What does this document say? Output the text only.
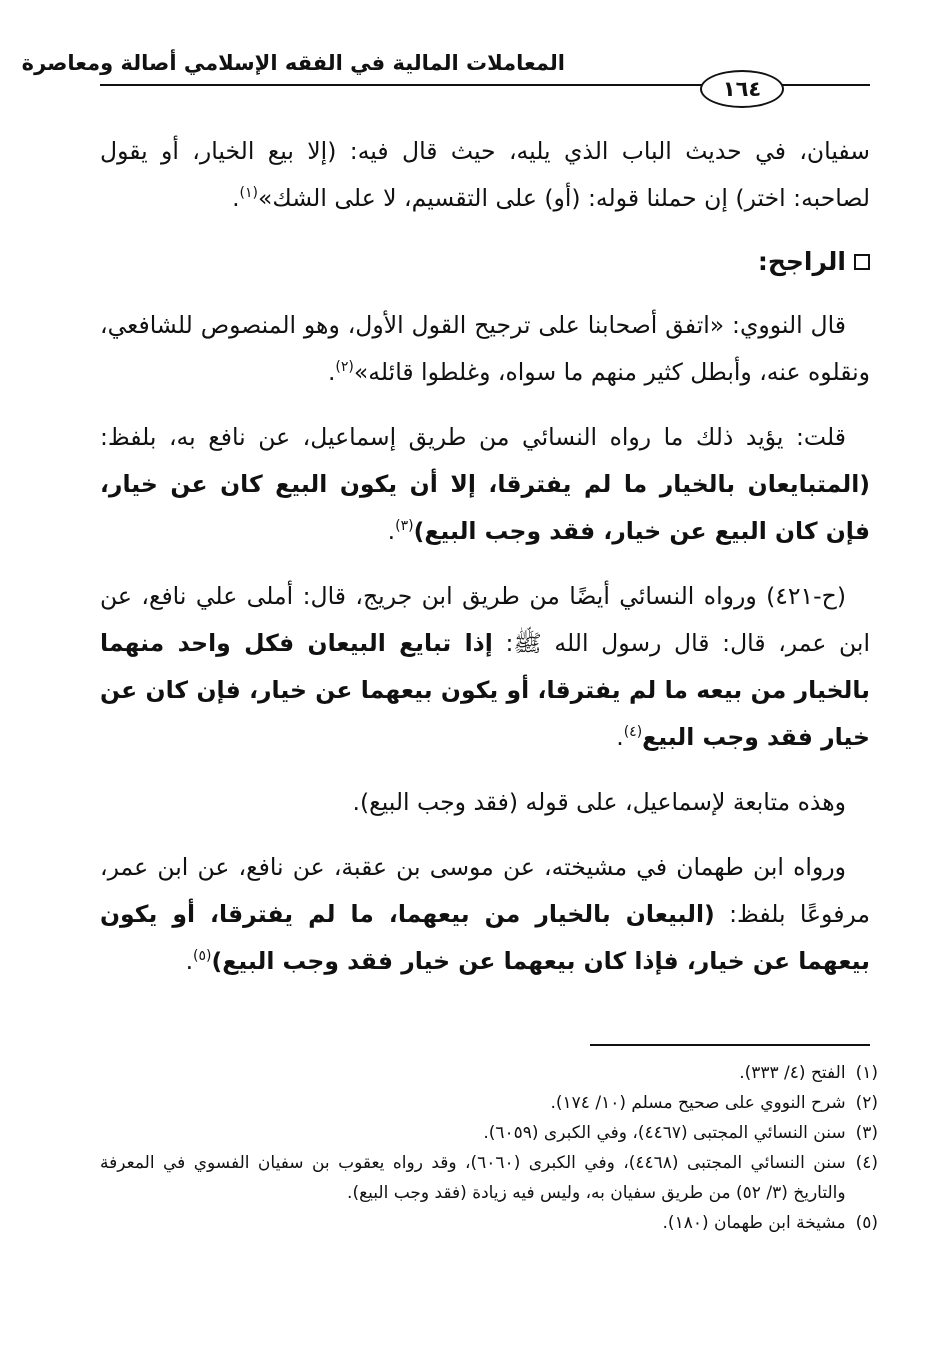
المعاملات المالية في الفقه الإسلامي أصالة ومعاصرة
١٦٤

سفيان، في حديث الباب الذي يليه، حيث قال فيه: (إلا بيع الخيار، أو يقول لصاحبه: اختر) إن حملنا قوله: (أو) على التقسيم، لا على الشك»$^{(١)}$.

الراجح:

قال النووي: «اتفق أصحابنا على ترجيح القول الأول، وهو المنصوص للشافعي، ونقلوه عنه، وأبطل كثير منهم ما سواه، وغلطوا قائله»$^{(٢)}$.

قلت: يؤيد ذلك ما رواه النسائي من طريق إسماعيل، عن نافع به، بلفظ: (المتبايعان بالخيار ما لم يفترقا، إلا أن يكون البيع كان عن خيار، فإن كان البيع عن خيار، فقد وجب البيع)$^{(٣)}$.

(ح-٤٢١) ورواه النسائي أيضًا من طريق ابن جريج، قال: أملى علي نافع، عن ابن عمر، قال: قال رسول الله ﷺ: إذا تبايع البيعان فكل واحد منهما بالخيار من بيعه ما لم يفترقا، أو يكون بيعهما عن خيار، فإن كان عن خيار فقد وجب البيع$^{(٤)}$.

وهذه متابعة لإسماعيل، على قوله (فقد وجب البيع).

ورواه ابن طهمان في مشيخته، عن موسى بن عقبة، عن نافع، عن ابن عمر، مرفوعًا بلفظ: (البيعان بالخيار من بيعهما، ما لم يفترقا، أو يكون بيعهما عن خيار، فإذا كان بيعهما عن خيار فقد وجب البيع)$^{(٥)}$.

(١)
الفتح (٤/ ٣٣٣).
(٢)
شرح النووي على صحيح مسلم (١٠/ ١٧٤).
(٣)
سنن النسائي المجتبى (٤٤٦٧)، وفي الكبرى (٦٠٥٩).
(٤)
سنن النسائي المجتبى (٤٤٦٨)، وفي الكبرى (٦٠٦٠)، وقد رواه يعقوب بن سفيان الفسوي في المعرفة والتاريخ (٣/ ٥٢) من طريق سفيان به، وليس فيه زيادة (فقد وجب البيع).
(٥)
مشيخة ابن طهمان (١٨٠).
